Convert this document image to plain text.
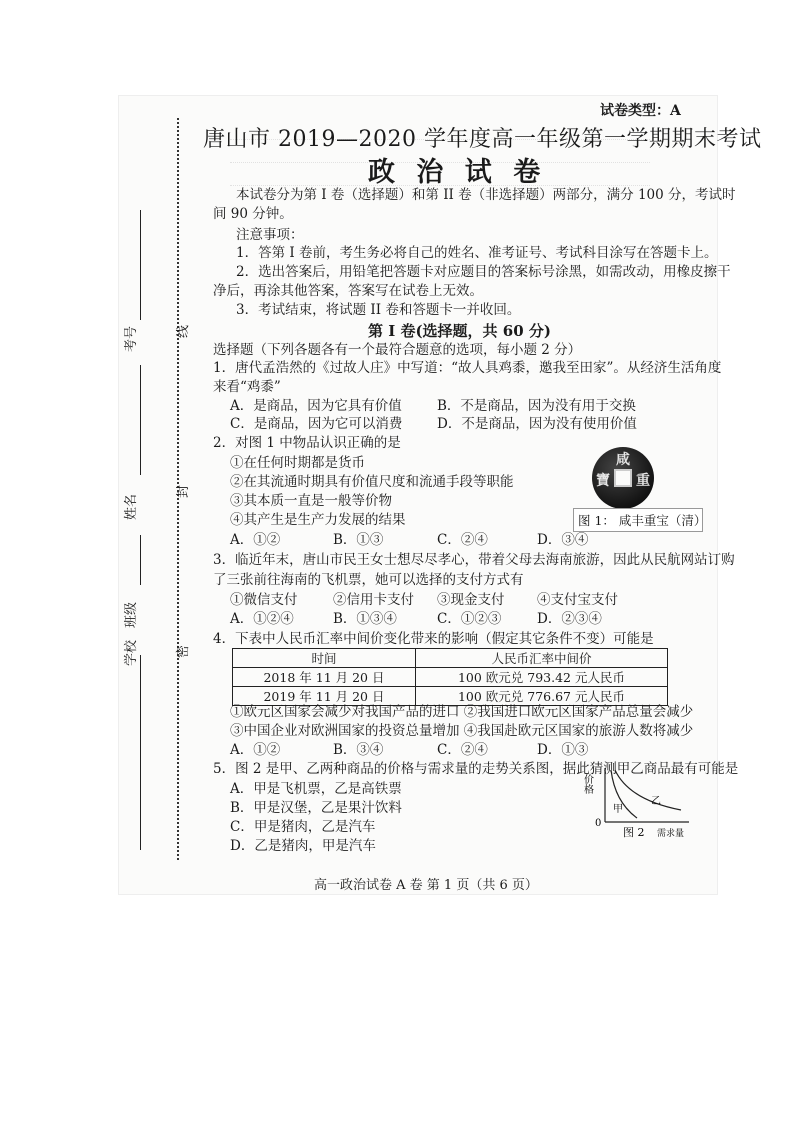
考号
姓名
班级
学校
线
封
密
试卷类型：A
唐山市 2019—2020 学年度高一年级第一学期期末考试
政 治 试 卷
本试卷分为第 I 卷（选择题）和第 II 卷（非选择题）两部分，满分 100 分，考试时
间 90 分钟。
注意事项：
1．答第 I 卷前，考生务必将自己的姓名、准考证号、考试科目涂写在答题卡上。
2．选出答案后，用铅笔把答题卡对应题目的答案标号涂黑，如需改动，用橡皮擦干
净后，再涂其他答案，答案写在试卷上无效。
3．考试结束，将试题 II 卷和答题卡一并收回。
第 I 卷(选择题，共 60 分)
选择题（下列各题各有一个最符合题意的选项，每小题 2 分）
1．唐代孟浩然的《过故人庄》中写道：“故人具鸡黍，邀我至田家”。从经济生活角度
来看“鸡黍”
A．是商品，因为它具有价值	B．不是商品，因为没有用于交换
C．是商品，因为它可以消费	D．不是商品，因为没有使用价值
2．对图 1 中物品认识正确的是
①在任何时期都是货币
②在其流通时期具有价值尺度和流通手段等职能
③其本质一直是一般等价物
④其产生是生产力发展的结果
咸
重
寶
3．临近年末，唐山市民王女士想尽尽孝心，带着父母去海南旅游，因此从民航网站订购
了三张前往海南的飞机票，她可以选择的支付方式有
A．①②	B．①③	C．②④	D．③④
图 1： 咸丰重宝（清）
①微信支付	②信用卡支付 ③现金支付 ④支付宝支付
A．①②④	B．①③④	C．①②③	D．②③④
4．下表中人民币汇率中间价变化带来的影响（假定其它条件不变）可能是
时间	人民币汇率中间价
2018 年 11 月 20 日	100 欧元兑 793.42 元人民币
2019 年 11 月 20 日	100 欧元兑 776.67 元人民币
①欧元区国家会减少对我国产品的进口 ②我国进口欧元区国家产品总量会减少
③中国企业对欧洲国家的投资总量增加 ④我国赴欧元区国家的旅游人数将减少
A．①②	B．③④	C．②④	D．①③
5．图 2 是甲、乙两种商品的价格与需求量的走势关系图，据此猜测甲乙商品最有可能是
A．甲是飞机票，乙是高铁票
B．甲是汉堡，乙是果汁饮料
C．甲是猪肉，乙是汽车
D．乙是猪肉，甲是汽车
价格
0
甲
乙
图 2 需求量
高一政治试卷 A 卷 第 1 页（共 6 页）
